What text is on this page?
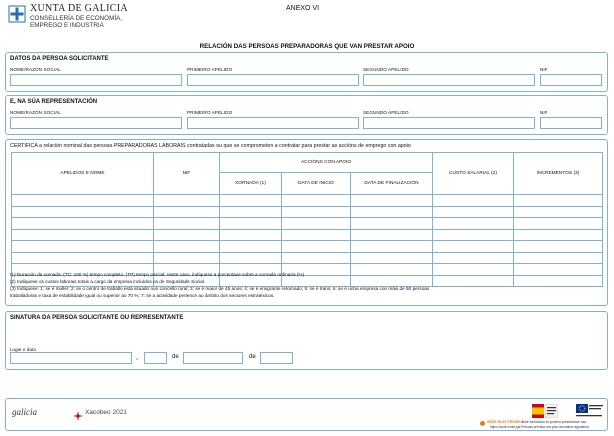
XUNTA DE GALICIA
CONSELLERÍA DE ECONOMÍA,
EMPREGO E INDUSTRIA
ANEXO VI
RELACIÓN DAS PERSOAS PREPARADORAS QUE VAN PRESTAR APOIO
DATOS DA PERSOA SOLICITANTE
NOME/RAZÓN SOCIAL	PRIMEIRO APELIDO	SEGUNDO APELIDO	NIF
E, NA SÚA REPRESENTACIÓN
NOME/RAZÓN SOCIAL	PRIMEIRO APELIDO	SEGUNDO APELIDO	NIF
CERTIFICA a relación nominal das persoas PREPARADORAS LABORAIS contratadas ou que se comprometen a contratar para prestar as accións de emprego con apoio
APELIDOS E NOME	NIF	ACCIÓNS CON APOIO			CUSTO SALARIAL (2)	INCREMENTOS (3)
		XORNADA (1)	DATA DE INICIO	DATA DE FINALIZACIÓN		

(1) Duración da xornada: (TC: 100 %) tempo completo, (TP) tempo parcial; neste caso, indíquese a porcentaxe sobre a xornada ordinaria (%)
(2) Indíquese os custos laborais totais a cargo da empresa incluídos os de Seguridade Social.
(3) Indíquese: 1: se é muller; 2: se o centro de traballo está situado nun concello rural; 3: se é maior de 45 anos; 4: se é emigrante retornado; 5: se é trans; 6: se é unha empresa con máis de 50 persoas
traballadoras e taxa de estabilidade igual ou superior ao 70 %; 7: se a actividade pertence ao ámbito dos sectores estratéxicos.
SINATURA DA PERSOA SOLICITANTE OU REPRESENTANTE
Lugar e data
,	de	de
galicia	Xacobeo 2021
SEDE ELECTRÓNICA
Este formulario só poderá presentarse nas
https://sede.xunta.gal Persoas prevista nos pola normativa reguladora
